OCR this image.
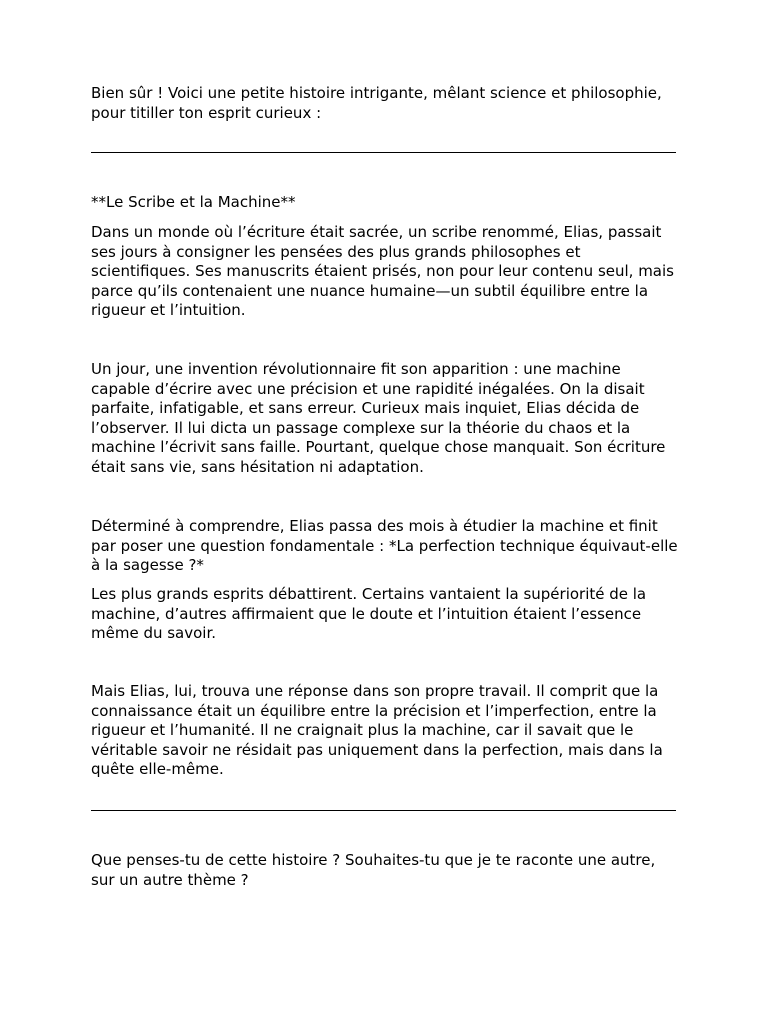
Bien sûr ! Voici une petite histoire intrigante, mêlant science et philosophie, pour titiller ton esprit curieux :

**Le Scribe et la Machine**

Dans un monde où l’écriture était sacrée, un scribe renommé, Elias, passait ses jours à consigner les pensées des plus grands philosophes et scientifiques. Ses manuscrits étaient prisés, non pour leur contenu seul, mais parce qu’ils contenaient une nuance humaine—un subtil équilibre entre la rigueur et l’intuition.

Un jour, une invention révolutionnaire fit son apparition : une machine capable d’écrire avec une précision et une rapidité inégalées. On la disait parfaite, infatigable, et sans erreur. Curieux mais inquiet, Elias décida de l’observer. Il lui dicta un passage complexe sur la théorie du chaos et la machine l’écrivit sans faille. Pourtant, quelque chose manquait. Son écriture était sans vie, sans hésitation ni adaptation.

Déterminé à comprendre, Elias passa des mois à étudier la machine et finit par poser une question fondamentale : *La perfection technique équivaut-elle à la sagesse ?*

Les plus grands esprits débattirent. Certains vantaient la supériorité de la machine, d’autres affirmaient que le doute et l’intuition étaient l’essence même du savoir.

Mais Elias, lui, trouva une réponse dans son propre travail. Il comprit que la connaissance était un équilibre entre la précision et l’imperfection, entre la rigueur et l’humanité. Il ne craignait plus la machine, car il savait que le véritable savoir ne résidait pas uniquement dans la perfection, mais dans la quête elle-même.

Que penses-tu de cette histoire ? Souhaites-tu que je te raconte une autre, sur un autre thème ?
